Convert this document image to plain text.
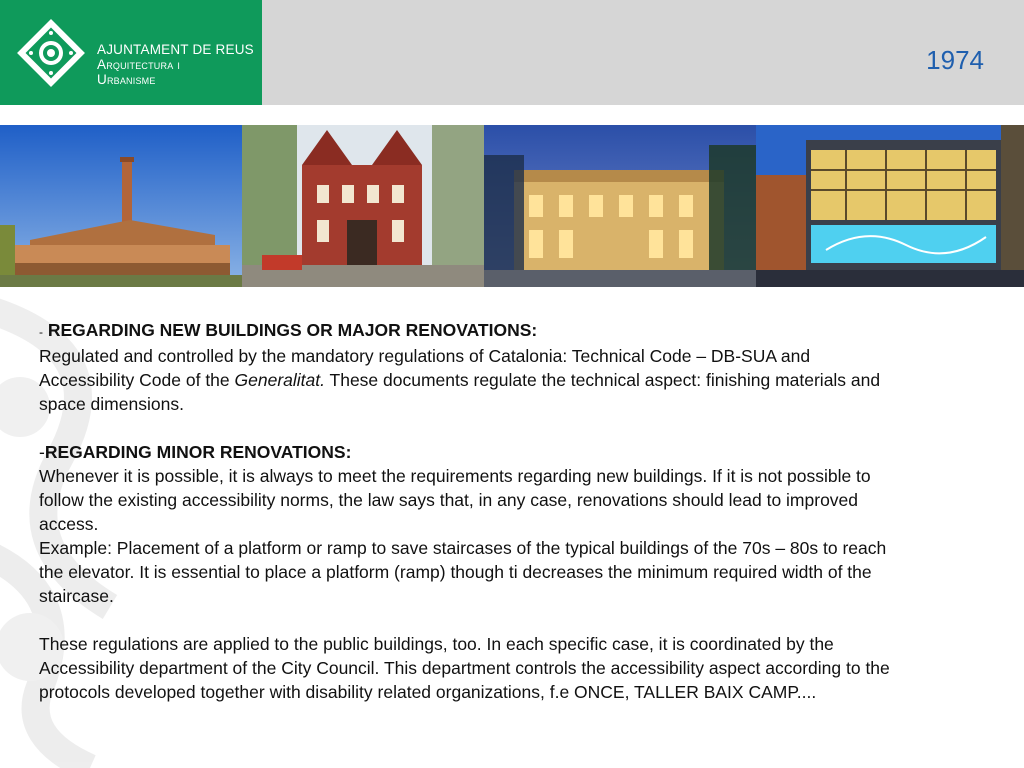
AJUNTAMENT DE REUS
Arquitectura i
Urbanisme
1974

- REGARDING NEW BUILDINGS OR MAJOR RENOVATIONS:

Regulated and controlled by the mandatory regulations of Catalonia: Technical Code – DB-SUA and Accessibility Code of the Generalitat. These documents regulate the technical aspect: finishing materials and space dimensions.

-REGARDING MINOR RENOVATIONS:

Whenever it is possible, it is always to meet the requirements regarding new buildings. If it is not possible to follow the existing accessibility norms, the law says that, in any case, renovations should lead to improved access.

Example: Placement of a platform or ramp to save staircases of the typical buildings of the 70s – 80s to reach the elevator. It is essential to place a platform (ramp) though ti decreases the minimum required width of the staircase.

These regulations are applied to the public buildings, too. In each specific case, it is coordinated by the Accessibility department of the City Council. This department controls the accessibility aspect according to the protocols developed together with disability related organizations, f.e ONCE, TALLER BAIX CAMP....
